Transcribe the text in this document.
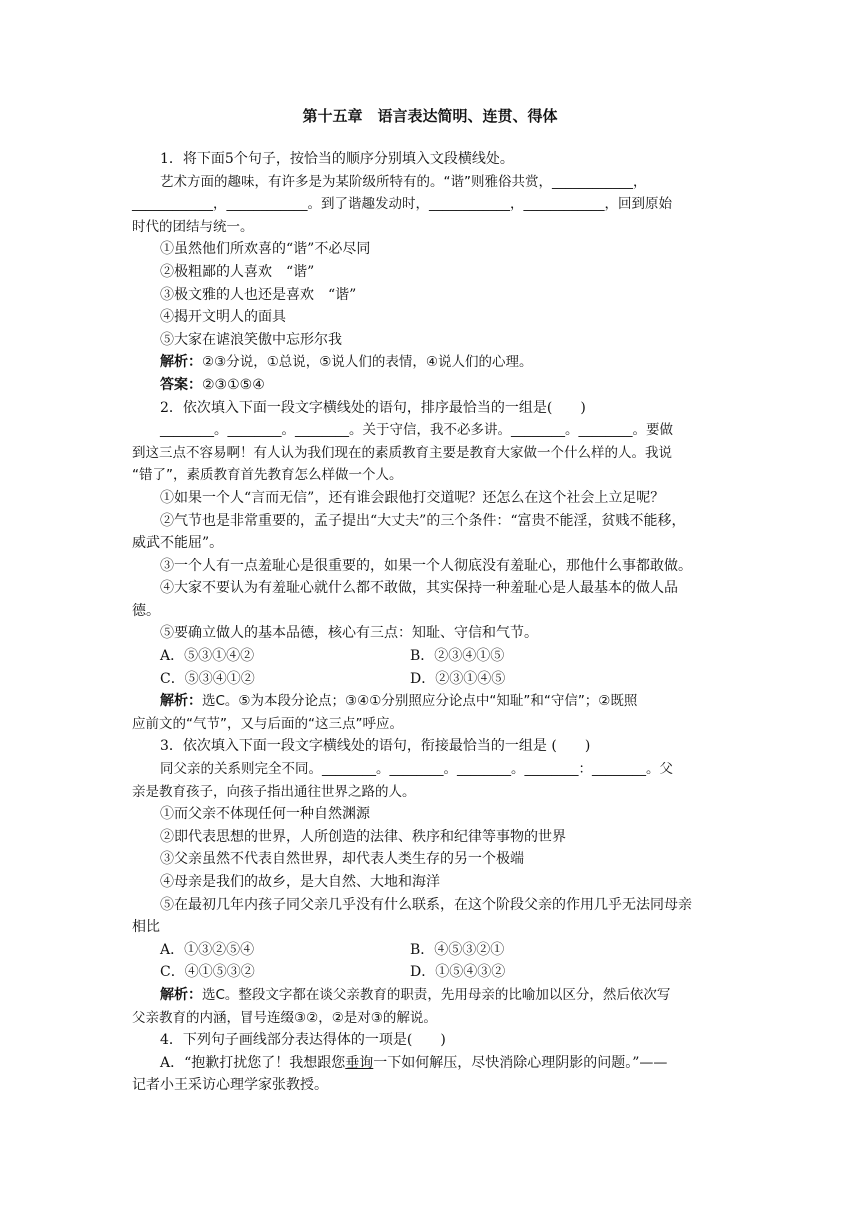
第十五章　语言表达简明、连贯、得体

1．将下面5个句子，按恰当的顺序分别填入文段横线处。

艺术方面的趣味，有许多是为某阶级所特有的。“谐”则雅俗共赏，____________，

____________，____________。到了谐趣发动时，____________，____________，回到原始

时代的团结与统一。

①虽然他们所欢喜的“谐”不必尽同

②极粗鄙的人喜欢　“谐”

③极文雅的人也还是喜欢　“谐”

④揭开文明人的面具

⑤大家在谑浪笑傲中忘形尔我

解析：②③分说，①总说，⑤说人们的表情，④说人们的心理。

答案：②③①⑤④

2．依次填入下面一段文字横线处的语句，排序最恰当的一组是(　　)

________。________。________。关于守信，我不必多讲。________。________。要做

到这三点不容易啊！有人认为我们现在的素质教育主要是教育大家做一个什么样的人。我说

“错了”，素质教育首先教育怎么样做一个人。

①如果一个人“言而无信”，还有谁会跟他打交道呢？还怎么在这个社会上立足呢？

②气节也是非常重要的，孟子提出“大丈夫”的三个条件：“富贵不能淫，贫贱不能移，

威武不能屈”。

③一个人有一点羞耻心是很重要的，如果一个人彻底没有羞耻心，那他什么事都敢做。

④大家不要认为有羞耻心就什么都不敢做，其实保持一种羞耻心是人最基本的做人品

德。

⑤要确立做人的基本品德，核心有三点：知耻、守信和气节。

A．⑤③①④②	B．②③④①⑤
C．⑤③④①②	D．②③①④⑤

解析：选C。⑤为本段分论点；③④①分别照应分论点中“知耻”和“守信”；②既照

应前文的“气节”，又与后面的“这三点”呼应。

3．依次填入下面一段文字横线处的语句，衔接最恰当的一组是 (　　)

同父亲的关系则完全不同。________。________。________。________：________。父

亲是教育孩子，向孩子指出通往世界之路的人。

①而父亲不体现任何一种自然渊源

②即代表思想的世界，人所创造的法律、秩序和纪律等事物的世界

③父亲虽然不代表自然世界，却代表人类生存的另一个极端

④母亲是我们的故乡，是大自然、大地和海洋

⑤在最初几年内孩子同父亲几乎没有什么联系，在这个阶段父亲的作用几乎无法同母亲

相比

A．①③②⑤④	B．④⑤③②①
C．④①⑤③②	D．①⑤④③②

解析：选C。整段文字都在谈父亲教育的职责，先用母亲的比喻加以区分，然后依次写

父亲教育的内涵，冒号连缀③②，②是对③的解说。

4．下列句子画线部分表达得体的一项是(　　)

A．“抱歉打扰您了！我想跟您垂询一下如何解压，尽快消除心理阴影的问题。”——

记者小王采访心理学家张教授。
